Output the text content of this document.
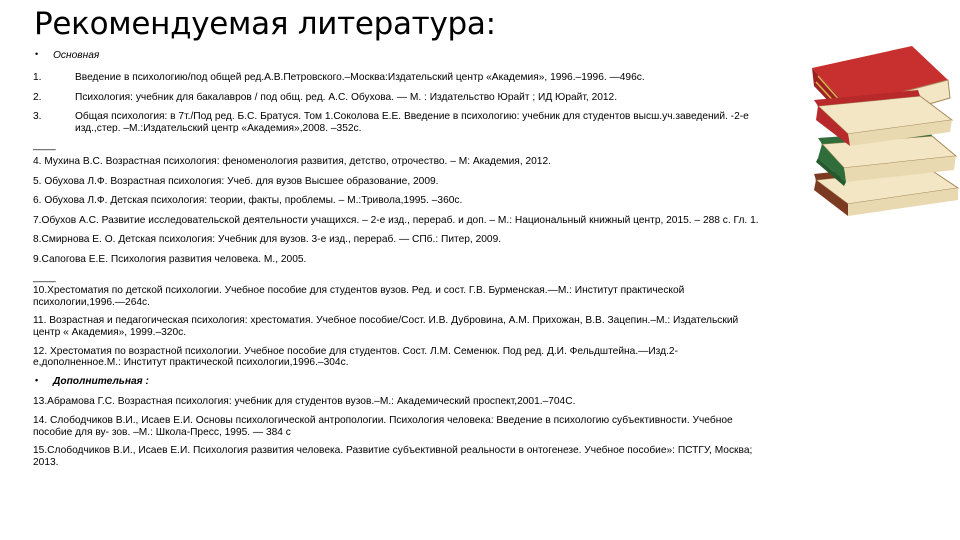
Рекомендуемая литература:
• Основная
1.	Введение в психологию/под общей ред.А.В.Петровского.–Москва:Издательский центр «Академия», 1996.–1996. —496с.
2.	Психология: учебник для бакалавров / под общ. ред. А.С. Обухова. — М. : Издательство Юрайт ; ИД Юрайт, 2012.
3.	Общая психология: в 7т./Под ред. Б.С. Братуся. Том 1.Соколова Е.Е. Введение в психологию: учебник для студентов высш.уч.заведений. -2-е
изд.,стер. –М.:Издательский центр «Академия»,2008. –352с.
____
4. Мухина В.С. Возрастная психология: феноменология развития, детство, отрочество. – М: Академия, 2012.
5. Обухова Л.Ф. Возрастная психология: Учеб. для вузов Высшее образование, 2009.
6. Обухова Л.Ф. Детская психология: теории, факты, проблемы. – М.:Тривола,1995. –360с.
7.Обухов А.С. Развитие исследовательской деятельности учащихся. – 2-е изд., перераб. и доп. – М.: Национальный книжный центр, 2015. – 288 с. Гл. 1.
8.Смирнова Е. О. Детская психология: Учебник для вузов. 3-е изд., перераб. — СПб.: Питер, 2009.
9.Сапогова Е.Е. Психология развития человека. М., 2005.
____
10.Хрестоматия по детской психологии. Учебное пособие для студентов вузов. Ред. и сост. Г.В. Бурменская.—М.: Институт практической
психологии,1996.—264с.
11. Возрастная и педагогическая психология: хрестоматия. Учебное пособие/Сост. И.В. Дубровина, А.М. Прихожан, В.В. Зацепин.–М.: Издательский
центр « Академия», 1999.–320с.
12. Хрестоматия по возрастной психологии. Учебное пособие для студентов. Сост. Л.М. Семенюк. Под ред. Д.И. Фельдштейна.—Изд.2-
е,дополненное.М.: Институт практической психологии,1996.–304с.
• Дополнительная :
13.Абрамова Г.С. Возрастная психология: учебник для студентов вузов.–М.: Академический проспект,2001.–704С.
14. Слободчиков В.И., Исаев Е.И. Основы психологической антропологии. Психология человека: Введение в психологию субъективности. Учебное
пособие для ву- зов. –М.: Школа-Пресс, 1995. — 384 с
15.Слободчиков В.И., Исаев Е.И. Психология развития человека. Развитие субъективной реальности в онтогенезе. Учебное пособие»: ПСТГУ, Москва;
2013.
